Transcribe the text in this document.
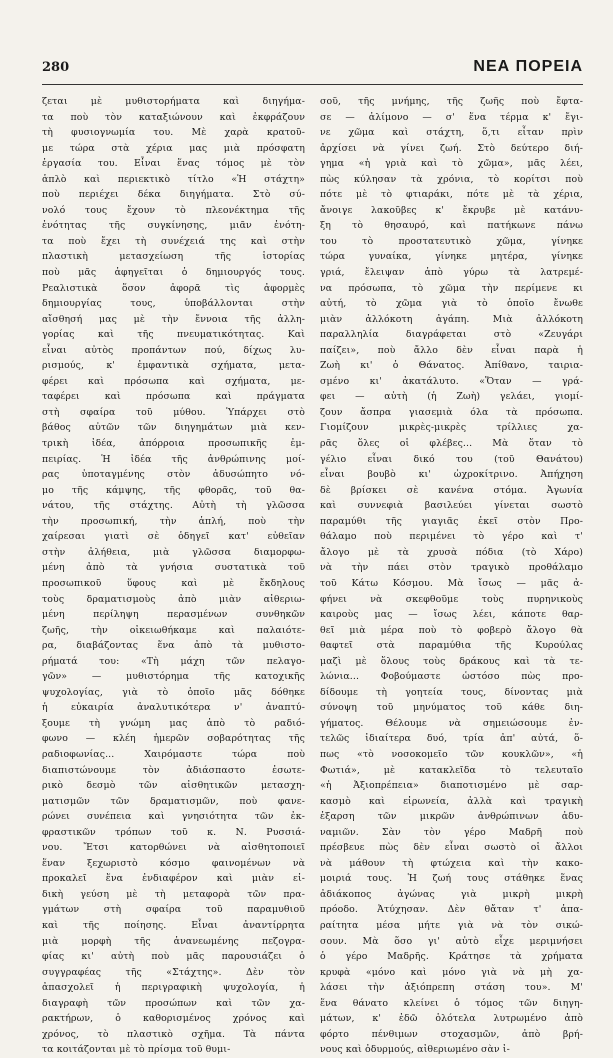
280	ΝΕΑ ΠΟΡΕΙΑ
ζεται μὲ μυθιστορήματα καὶ διηγήμα-
τα ποὺ τὸν καταξιώνουν καὶ ἐκφράζουν
τὴ φυσιογνωμία του. Μὲ χαρὰ κρατοῦ-
με τώρα στὰ χέρια μας μιὰ πρόσφατη
ἐργασία του. Εἶναι ἕνας τόμος μὲ τὸν
ἁπλὸ καὶ περιεκτικὸ τίτλο «Ἡ στάχτη»
ποὺ περιέχει δέκα διηγήματα. Στὸ σύ-
νολό τους ἔχουν τὸ πλεονέκτημα τῆς
ἑνότητας τῆς συγκίνησης, μιᾶν ἑνότη-
τα ποὺ ἔχει τὴ συνέχειά της καὶ στὴν
πλαστικὴ μετασχείωση τῆς ἱστορίας
ποὺ μᾶς ἀφηγεῖται ὁ δημιουργός τους.
Ρεαλιστικὰ ὅσον ἀφορᾶ τὶς ἀφορμὲς
δημιουργίας τους, ὑποβάλλονται στὴν
αἴσθησή μας μὲ τὴν ἔννοια τῆς ἀλλη-
γορίας καὶ τῆς πνευματικότητας. Καὶ
εἶναι αὐτὸς προπάντων πού, δίχως λυ-
ρισμούς, κ' ἐμφαντικὰ σχήματα, μετα-
φέρει καὶ πρόσωπα καὶ σχήματα, με-
ταφέρει καὶ πρόσωπα καὶ πράγματα
στὴ σφαίρα τοῦ μύθου. Ὑπάρχει στὸ
βάθος αὐτῶν τῶν διηγημάτων μιὰ κεν-
τρικὴ ἰδέα, ἀπόρροια προσωπικῆς ἐμ-
πειρίας. Ἡ ἰδέα τῆς ἀνθρώπινης μοί-
ρας ὑποταγμένης στὸν ἀδυσώπητο νό-
μο τῆς κάμψης, τῆς φθορᾶς, τοῦ θα-
νάτου, τῆς στάχτης. Αὐτὴ τὴ γλῶσσα
τὴν προσωπική, τὴν ἁπλή, ποὺ τὴν
χαίρεσαι γιατὶ σὲ ὁδηγεῖ κατ' εὐθεῖαν
στὴν ἀλήθεια, μιὰ γλῶσσα διαμορφω-
μένη ἀπὸ τὰ γνήσια συστατικὰ τοῦ
προσωπικοῦ ὕφους καὶ μὲ ἔκδηλους
τοὺς δραματισμοὺς ἀπὸ μιὰν αἰθεριω-
μένη περίληψη περασμένων συνθηκῶν
ζωῆς, τὴν οἰκειωθήκαμε καὶ παλαιότε-
ρα, διαβάζοντας ἕνα ἀπὸ τὰ μυθιστο-
ρήματά του: «Τὴ μάχη τῶν πελαγο-
γῶν» — μυθιστόρημα τῆς κατοχικῆς
ψυχολογίας, γιὰ τὸ ὁποῖο μᾶς δόθηκε
ἡ εὐκαιρία ἀναλυτικότερα ν' ἀναπτύ-
ξουμε τὴ γνώμη μας ἀπὸ τὸ ραδιό-
φωνο — κλέη ἡμερῶν σοβαρότητας τῆς
ραδιοφωνίας... Χαιρόμαστε τώρα ποὺ
διαπιστώνουμε τὸν ἀδιάσπαστο ἐσωτε-
ρικὸ δεσμὸ τῶν αἰσθητικῶν μετασχη-
ματισμῶν τῶν δραματισμῶν, ποὺ φανε-
ρώνει συνέπεια καὶ γνησιότητα τῶν ἐκ-
φραστικῶν τρόπων τοῦ κ. Ν. Ρυσσιά-
νου. Ἔτσι κατορθώνει νὰ αἰσθητοποιεῖ
ἕναν ξεχωριστὸ κόσμο φαινομένων νὰ
προκαλεῖ ἕνα ἐνδιαφέρον καὶ μιὰν εἰ-
δικὴ γεύση μὲ τὴ μεταφορὰ τῶν πρα-
γμάτων στὴ σφαίρα τοῦ παραμυθιοῦ
καὶ τῆς ποίησης. Εἶναι ἀναντίρρητα
μιὰ μορφὴ τῆς ἀνανεωμένης πεζογρα-
φίας κι' αὐτὴ ποὺ μᾶς παρουσιάζει ὁ
συγγραφέας τῆς «Στάχτης». Δὲν τὸν
ἀπασχολεῖ ἡ περιγραφικὴ ψυχολογία, ἡ
διαγραφὴ τῶν προσώπων καὶ τῶν χα-
ρακτήρων, ὁ καθορισμένος χρόνος καὶ
χρόνος, τὸ πλαστικὸ σχῆμα. Τὰ πάντα
τα κοιτάζονται μὲ τὸ πρίσμα τοῦ θυμι-
σοῦ, τῆς μνήμης, τῆς ζωῆς ποὺ ἔφτα-
σε — ἀλίμονο — σ' ἕνα τέρμα κ' ἔγι-
νε χῶμα καὶ στάχτη, ὅ,τι εἶταν πρὶν
ἀρχίσει νὰ γίνει ζωή. Στὸ δεύτερο διή-
γημα «ἡ γριὰ καὶ τὸ χῶμα», μᾶς λέει,
πὼς κύλησαν τὰ χρόνια, τὸ κορίτσι ποὺ
πότε μὲ τὸ φτιαράκι, πότε μὲ τὰ χέρια,
ἄνοιγε λακοῦβες κ' ἔκρυβε μὲ κατάνυ-
ξη τὸ θησαυρό, καὶ πατήκωνε πάνω
του τὸ προστατευτικὸ χῶμα, γίνηκε
τώρα γυναίκα, γίνηκε μητέρα, γίνηκε
γριά, ἔλειψαν ἀπὸ γύρω τὰ λατρεμέ-
να πρόσωπα, τὸ χῶμα τὴν περίμενε κι
αὐτή, τὸ χῶμα γιὰ τὸ ὁποῖο ἔνωθε
μιὰν ἀλλόκοτη ἀγάπη. Μιὰ ἀλλόκοτη
παραλληλία διαγράφεται στὸ «Ζευγάρι
παίζει», ποὺ ἄλλο δὲν εἶναι παρὰ ἡ
Ζωὴ κι' ὁ Θάνατος. Ἀπίθανο, ταιρια-
σμένο κι' ἀκατάλυτο. «Ὅταν — γρά-
φει — αὐτὴ (ἡ Ζωὴ) γελάει, γιομί-
ζουν ἄσπρα γιασεμιὰ όλα τὰ πρόσωπα.
Γιομίζουν μικρὲς-μικρὲς τρίλλιες χα-
ρᾶς ὅλες οἱ φλέβες... Μὰ ὅταν τὸ
γέλιο εἶναι δικό του (τοῦ Θανάτου)
εἶναι βουβὸ κι' ὠχροκίτρινο. Ἀπήχηση
δὲ βρίσκει σὲ κανένα στόμα. Ἀγωνία
καὶ συννεφιὰ βασιλεύει γίνεται σωστὸ
παραμύθι τῆς γιαγιᾶς ἐκεῖ στὸν Προ-
θάλαμο ποὺ περιμένει τὸ γέρο καὶ τ'
ἄλογο μὲ τὰ χρυσὰ πόδια (τὸ Χάρο)
νὰ τὴν πάει στὸν τραγικὸ προθάλαμο
τοῦ Κάτω Κόσμου. Μὰ ἴσως — μᾶς ἀ-
φήνει νὰ σκεφθοῦμε τοὺς πυρηνικοὺς
καιροὺς μας — ἴσως λέει, κάποτε θαρ-
θεῖ μιὰ μέρα ποὺ τὸ φοβερὸ ἄλογο θὰ
θαφτεῖ στὰ παραμύθια τῆς Κυρούλας
μαζὶ μὲ ὅλους τοὺς δράκους καὶ τὰ τε-
λώνια... Φοβούμαστε ὡστόσο πὼς προ-
δίδουμε τὴ γοητεία τους, δίνοντας μιὰ
σύνοψη τοῦ μηνύματος τοῦ κάθε διη-
γήματος. Θέλουμε νὰ σημειώσουμε ἐν-
τελῶς ἰδιαίτερα δυό, τρία ἀπ' αὐτά, ὅ-
πως «τὸ νοσοκομεῖο τῶν κουκλῶν», «ἡ
Φωτιά», μὲ κατακλεῖδα τὸ τελευταῖο
«ἡ Ἀξιοπρέπεια» διαποτισμένο μὲ σαρ-
κασμὸ καὶ εἰρωνεία, ἀλλὰ καὶ τραγικὴ
ἐξαρση τῶν μικρῶν ἀνθρώπινων ἀδυ-
ναμιῶν. Σὰν τὸν γέρο Μαδρῆ ποὺ
πρέσβευε πὼς δὲν εἶναι σωστὸ οἱ ἄλλοι
νὰ μάθουν τὴ φτώχεια καὶ τὴν κακο-
μοιριά τους. Ἡ ζωή τους στάθηκε ἕνας
ἀδιάκοπος ἀγώνας γιὰ μικρὴ μικρὴ
πρόοδο. Ἀτύχησαν. Δὲν θἄταν τ' ἀπα-
ραίτητα μέσα μήτε γιὰ νὰ τὸν σικώ-
σουν. Μὰ ὅσο γι' αὐτὸ εἶχε μεριμνήσει
ὁ γέρο Μαδρῆς. Κράτησε τὰ χρήματα
κρυφὰ «μόνο καὶ μόνο γιὰ νὰ μὴ χα-
λάσει τὴν ἀξιόπρεπη στάση του». Μ'
ἕνα θάνατο κλείνει ὁ τόμος τῶν διηγη-
μάτων, κ' ἐδῶ ὁλότελα λυτρωμένο ἀπὸ
φόρτο πένθιμων στοχασμῶν, ἀπὸ βρή-
νους καὶ ὀδυρμούς, αἰθεριωμένο σὰν ἰ-
